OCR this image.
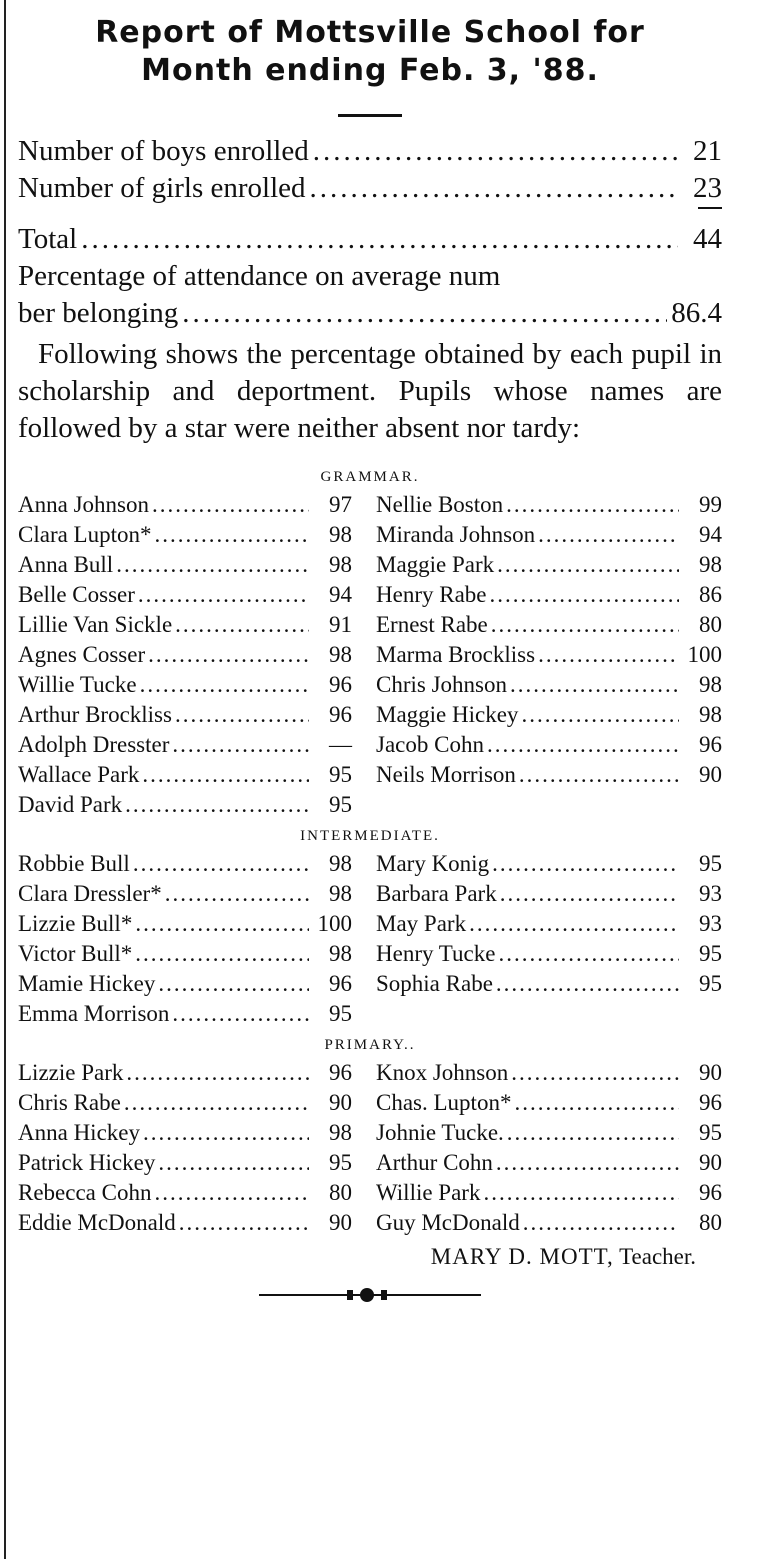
Report of Mottsville School for
Month ending Feb. 3, '88.
Number of boys enrolled .....	21
Number of girls enrolled .....	23
Total .....	44
Percentage of attendance on average num
ber belonging .....	86.4
Following shows the percentage obtained by each pupil in scholarship and deportment. Pupils whose names are followed by a star were neither absent nor tardy:
GRAMMAR.
Anna Johnson .....	97 Nellie Boston .....	99
Clara Lupton* .....	98 Miranda Johnson .....	94
Anna Bull .....	98 Maggie Park .....	98
Belle Cosser .....	94 Henry Rabe .....	86
Lillie Van Sickle .....	91 Ernest Rabe .....	80
Agnes Cosser .....	98 Marma Brockliss .....	100
Willie Tucke .....	96 Chris Johnson .....	98
Arthur Brockliss .....	96 Maggie Hickey .....	98
Adolph Dresster .....	— Jacob Cohn .....	96
Wallace Park .....	95 Neils Morrison .....	90
David Park .....	95
INTERMEDIATE.
Robbie Bull .....	98 Mary Konig .....	95
Clara Dressler* .....	98 Barbara Park .....	93
Lizzie Bull* .....	100 May Park .....	93
Victor Bull* .....	98 Henry Tucke .....	95
Mamie Hickey .....	96 Sophia Rabe .....	95
Emma Morrison .....	95
PRIMARY..
Lizzie Park .....	96 Knox Johnson .....	90
Chris Rabe .....	90 Chas. Lupton* .....	96
Anna Hickey .....	98 Johnie Tucke. .....	95
Patrick Hickey .....	95 Arthur Cohn .....	90
Rebecca Cohn .....	80 Willie Park .....	96
Eddie McDonald .....	90 Guy McDonald .....	80
MARY D. MOTT, Teacher.
